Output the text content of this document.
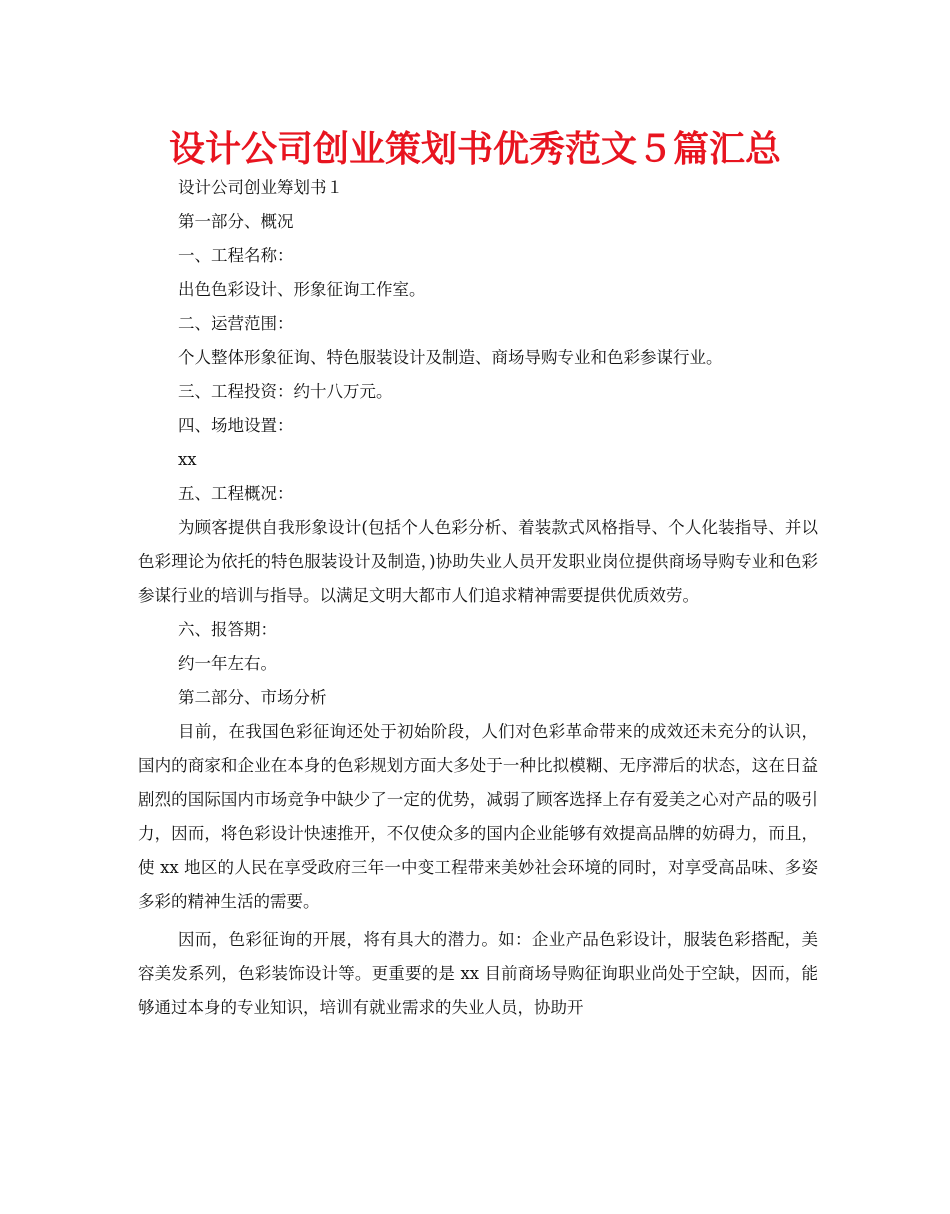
设计公司创业策划书优秀范文５篇汇总
设计公司创业筹划书１
第一部分、概况
一、工程名称：
出色色彩设计、形象征询工作室。
二、运营范围：
个人整体形象征询、特色服装设计及制造、商场导购专业和色彩参谋行业。
三、工程投资：约十八万元。
四、场地设置：
xx
五、工程概况：

为顾客提供自我形象设计(包括个人色彩分析、着装款式风格指导、个人化装指导、并以色彩理论为依托的特色服装设计及制造，)协助失业人员开发职业岗位提供商场导购专业和色彩参谋行业的培训与指导。以满足文明大都市人们追求精神需要提供优质效劳。

六、报答期：
约一年左右。
第二部分、市场分析

目前，在我国色彩征询还处于初始阶段，人们对色彩革命带来的成效还未充分的认识，国内的商家和企业在本身的色彩规划方面大多处于一种比拟模糊、无序滞后的状态，这在日益剧烈的国际国内市场竞争中缺少了一定的优势，减弱了顾客选择上存有爱美之心对产品的吸引力，因而，将色彩设计快速推开，不仅使众多的国内企业能够有效提高品牌的妨碍力，而且，使 xx 地区的人民在享受政府三年一中变工程带来美妙社会环境的同时，对享受高品味、多姿多彩的精神生活的需要。

因而，色彩征询的开展，将有具大的潜力。如：企业产品色彩设计，服装色彩搭配，美容美发系列，色彩装饰设计等。更重要的是 xx 目前商场导购征询职业尚处于空缺，因而，能够通过本身的专业知识，培训有就业需求的失业人员，协助开
